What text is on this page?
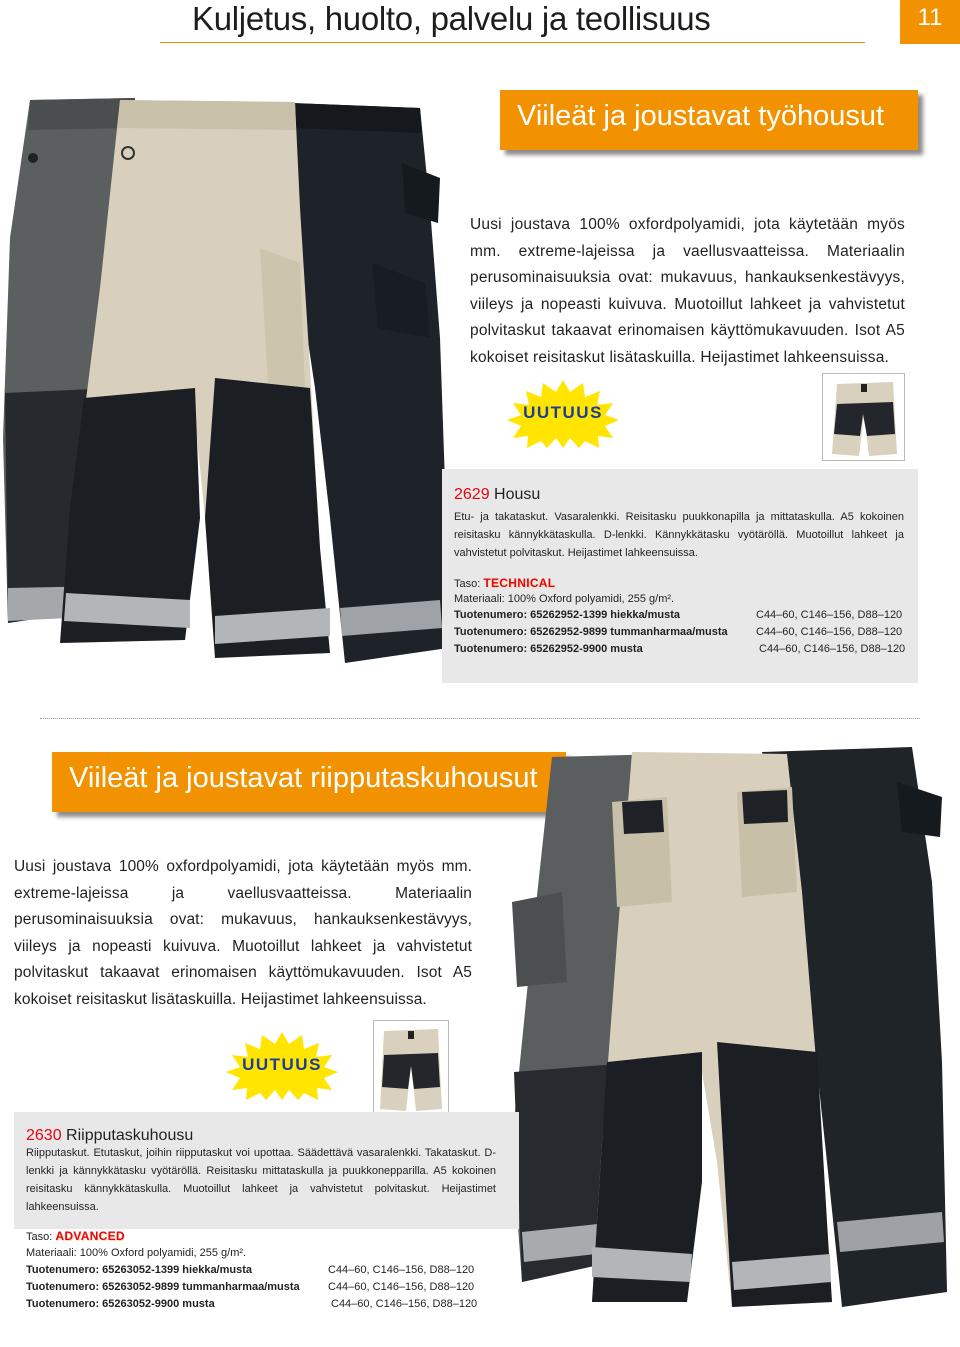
Kuljetus, huolto, palvelu ja teollisuus	11
Viileät ja joustavat työhousut
Uusi joustava 100% oxfordpolyamidi, jota käytetään myös mm. extreme-lajeissa ja vaellusvaatteissa. Materiaalin perusominaisuuksia ovat: mukavuus, hankauksenkestävyys, viileys ja nopeasti kuivuva. Muotoillut lahkeet ja vahvistetut polvitaskut takaavat erinomaisen käyttömukavuuden. Isot A5 kokoiset reisitaskut lisätaskuilla. Heijastimet lahkeensuissa.
UUTUUS
2629 Housu
Etu- ja takataskut. Vasaralenkki. Reisitasku puukkonapilla ja mittataskulla. A5 kokoinen reisitasku kännykkätaskulla. D-lenkki. Kännykkätasku vyötäröllä. Muotoillut lahkeet ja vahvistetut polvitaskut. Heijastimet lahkeensuissa.
Taso: TECHNICAL
Materiaali: 100% Oxford polyamidi, 255 g/m².
Tuotenumero: 65262952-1399 hiekka/musta	C44–60, C146–156, D88–120
Tuotenumero: 65262952-9899 tummanharmaa/musta	C44–60, C146–156, D88–120
Tuotenumero: 65262952-9900 musta	C44–60, C146–156, D88–120
Viileät ja joustavat riipputaskuhousut
Uusi joustava 100% oxfordpolyamidi, jota käytetään myös mm. extreme-lajeissa ja vaellusvaatteissa. Materiaalin perusominaisuuksia ovat: mukavuus, hankauksenkestävyys, viileys ja nopeasti kuivuva. Muotoillut lahkeet ja vahvistetut polvitaskut takaavat erinomaisen käyttömukavuuden. Isot A5 kokoiset reisitaskut lisätaskuilla. Heijastimet lahkeensuissa.
UUTUUS
2630 Riipputaskuhousu
Riipputaskut. Etutaskut, joihin riipputaskut voi upottaa. Säädettävä vasaralenkki. Takataskut. D-lenkki ja kännykkätasku vyötäröllä. Reisitasku mittataskulla ja puukkonepparilla. A5 kokoinen reisitasku kännykkätaskulla. Muotoillut lahkeet ja vahvistetut polvitaskut. Heijastimet lahkeensuissa.
Taso: ADVANCED
Materiaali: 100% Oxford polyamidi, 255 g/m².
Tuotenumero: 65263052-1399 hiekka/musta	C44–60, C146–156, D88–120
Tuotenumero: 65263052-9899 tummanharmaa/musta	C44–60, C146–156, D88–120
Tuotenumero: 65263052-9900 musta	C44–60, C146–156, D88–120
